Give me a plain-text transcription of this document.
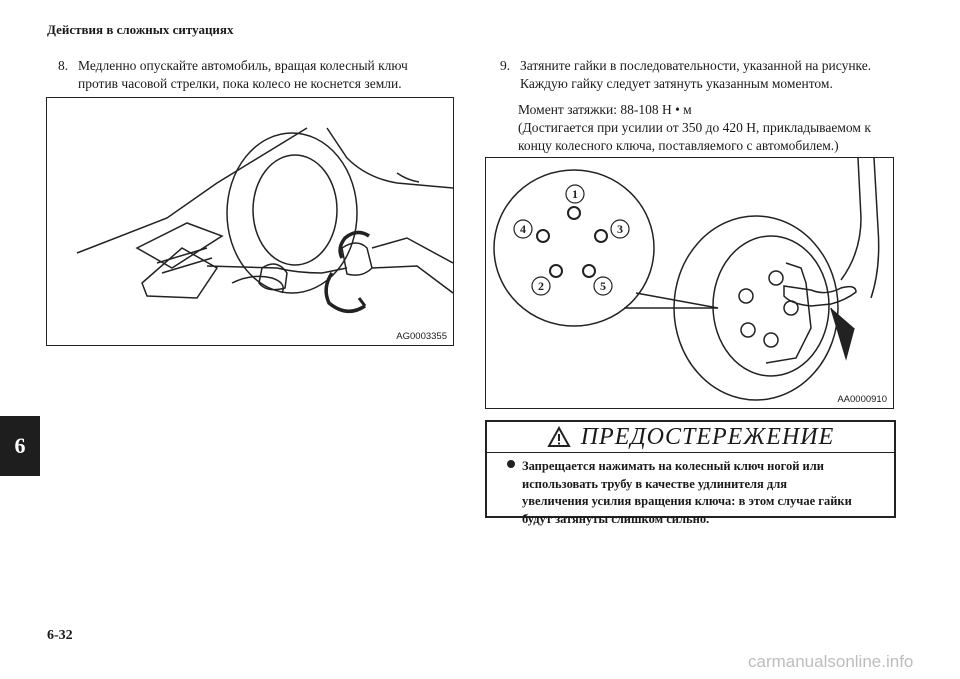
Действия в сложных ситуациях
8. Медленно опускайте автомобиль, вращая колесный ключ против часовой стрелки, пока колесо не коснется земли.
9. Затяните гайки в последовательности, указанной на рисунке. Каждую гайку следует затянуть указанным моментом.
Момент затяжки: 88-108 Н • м
(Достигается при усилии от 350 до 420 Н, прикладываемом к концу колесного ключа, поставляемого с автомобилем.)
AG0003355
1
2
3
4
5
AA0000910
ПРЕДОСТЕРЕЖЕНИЕ
Запрещается нажимать на колесный ключ ногой или использовать трубу в качестве удлинителя для увеличения усилия вращения ключа: в этом случае гайки будут затянуты слишком сильно.
6
6-32
carmanualsonline.info
